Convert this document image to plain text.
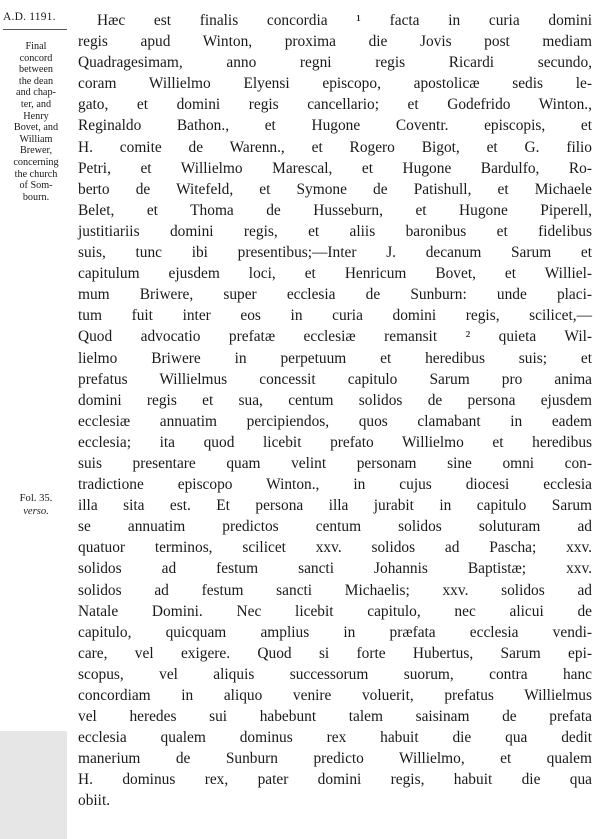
A.D. 1191.
Final
concord
between
the dean
and chap-
ter, and
Henry
Bovet, and
William
Brewer,
concerning
the church
of Som-
bourn.
Fol. 35.
verso.
Hæc est finalis concordia ¹ facta in curia domini
regis apud Winton, proxima die Jovis post mediam
Quadragesimam, anno regni regis Ricardi secundo,
coram Willielmo Elyensi episcopo, apostolicæ sedis le-
gato, et domini regis cancellario; et Godefrido Winton.,
Reginaldo Bathon., et Hugone Coventr. episcopis, et
H. comite de Warenn., et Rogero Bigot, et G. filio
Petri, et Willielmo Marescal, et Hugone Bardulfo, Ro-
berto de Witefeld, et Symone de Patishull, et Michaele
Belet, et Thoma de Husseburn, et Hugone Piperell,
justitiariis domini regis, et aliis baronibus et fidelibus
suis, tunc ibi presentibus;—Inter J. decanum Sarum et
capitulum ejusdem loci, et Henricum Bovet, et Williel-
mum Briwere, super ecclesia de Sunburn: unde placi-
tum fuit inter eos in curia domini regis, scilicet,—
Quod advocatio prefatæ ecclesiæ remansit ² quieta Wil-
lielmo Briwere in perpetuum et heredibus suis; et
prefatus Willielmus concessit capitulo Sarum pro anima
domini regis et sua, centum solidos de persona ejusdem
ecclesiæ annuatim percipiendos, quos clamabant in eadem
ecclesia; ita quod licebit prefato Willielmo et heredibus
suis presentare quam velint personam sine omni con-
tradictione episcopo Winton., in cujus diocesi ecclesia
illa sita est. Et persona illa jurabit in capitulo Sarum
se annuatim predictos centum solidos soluturam ad
quatuor terminos, scilicet xxv. solidos ad Pascha; xxv.
solidos ad festum sancti Johannis Baptistæ; xxv.
solidos ad festum sancti Michaelis; xxv. solidos ad
Natale Domini. Nec licebit capitulo, nec alicui de
capitulo, quicquam amplius in præfata ecclesia vendi-
care, vel exigere. Quod si forte Hubertus, Sarum epi-
scopus, vel aliquis successorum suorum, contra hanc
concordiam in aliquo venire voluerit, prefatus Willielmus
vel heredes sui habebunt talem saisinam de prefata
ecclesia qualem dominus rex habuit die qua dedit
manerium de Sunburn predicto Willielmo, et qualem
H. dominus rex, pater domini regis, habuit die qua
obiit.
